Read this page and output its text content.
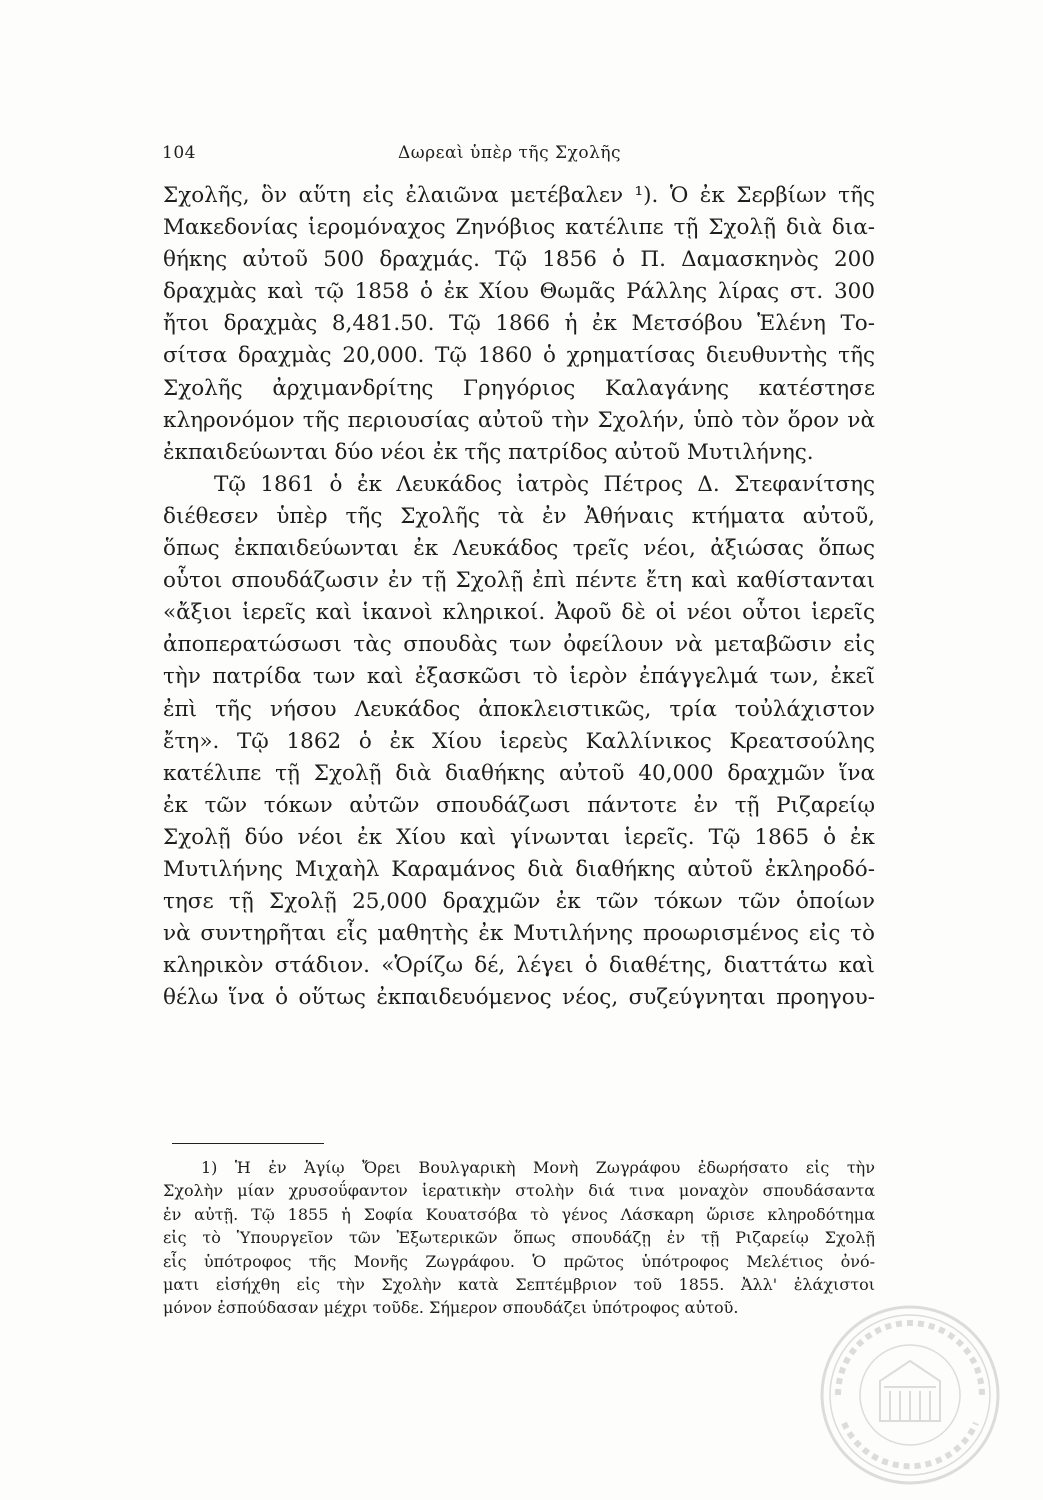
104	Δωρεαὶ ὑπὲρ τῆς Σχολῆς
Σχολῆς, ὃν αὕτη εἰς ἐλαιῶνα μετέβαλεν ¹). Ὁ ἐκ Σερβίων τῆς
Μακεδονίας ἱερομόναχος Ζηνόβιος κατέλιπε τῇ Σχολῇ διὰ δια-
θήκης αὐτοῦ 500 δραχμάς. Τῷ 1856 ὁ Π. Δαμασκηνὸς 200
δραχμὰς καὶ τῷ 1858 ὁ ἐκ Χίου Θωμᾶς Ράλλης λίρας στ. 300
ἤτοι δραχμὰς 8,481.50. Τῷ 1866 ἡ ἐκ Μετσόβου Ἑλένη Το-
σίτσα δραχμὰς 20,000. Τῷ 1860 ὁ χρηματίσας διευθυντὴς τῆς
Σχολῆς ἀρχιμανδρίτης Γρηγόριος Καλαγάνης κατέστησε
κληρονόμον τῆς περιουσίας αὐτοῦ τὴν Σχολήν, ὑπὸ τὸν ὅρον νὰ
ἐκπαιδεύωνται δύο νέοι ἐκ τῆς πατρίδος αὐτοῦ Μυτιλήνης.
Τῷ 1861 ὁ ἐκ Λευκάδος ἰατρὸς Πέτρος Δ. Στεφανίτσης
διέθεσεν ὑπὲρ τῆς Σχολῆς τὰ ἐν Ἀθήναις κτήματα αὐτοῦ,
ὅπως ἐκπαιδεύωνται ἐκ Λευκάδος τρεῖς νέοι, ἀξιώσας ὅπως
οὗτοι σπουδάζωσιν ἐν τῇ Σχολῇ ἐπὶ πέντε ἔτη καὶ καθίστανται
«ἄξιοι ἱερεῖς καὶ ἱκανοὶ κληρικοί. Ἀφοῦ δὲ οἱ νέοι οὗτοι ἱερεῖς
ἀποπερατώσωσι τὰς σπουδὰς των ὀφείλουν νὰ μεταβῶσιν εἰς
τὴν πατρίδα των καὶ ἐξασκῶσι τὸ ἱερὸν ἐπάγγελμά των, ἐκεῖ
ἐπὶ τῆς νήσου Λευκάδος ἀποκλειστικῶς, τρία τοὐλάχιστον
ἔτη». Τῷ 1862 ὁ ἐκ Χίου ἱερεὺς Καλλίνικος Κρεατσούλης
κατέλιπε τῇ Σχολῇ διὰ διαθήκης αὐτοῦ 40,000 δραχμῶν ἵνα
ἐκ τῶν τόκων αὐτῶν σπουδάζωσι πάντοτε ἐν τῇ Ριζαρείῳ
Σχολῇ δύο νέοι ἐκ Χίου καὶ γίνωνται ἱερεῖς. Τῷ 1865 ὁ ἐκ
Μυτιλήνης Μιχαὴλ Καραμάνος διὰ διαθήκης αὐτοῦ ἐκληροδό-
τησε τῇ Σχολῇ 25,000 δραχμῶν ἐκ τῶν τόκων τῶν ὁποίων
νὰ συντηρῆται εἷς μαθητὴς ἐκ Μυτιλήνης προωρισμένος εἰς τὸ
κληρικὸν στάδιον. «Ὁρίζω δέ, λέγει ὁ διαθέτης, διαττάτω καὶ
θέλω ἵνα ὁ οὕτως ἐκπαιδευόμενος νέος, συζεύγνηται προηγου-
1) Ἡ ἐν Ἁγίῳ Ὄρει Βουλγαρικὴ Μονὴ Ζωγράφου ἐδωρήσατο εἰς τὴν
Σχολὴν μίαν χρυσοΰφαντον ἱερατικὴν στολὴν διά τινα μοναχὸν σπουδάσαντα
ἐν αὐτῇ. Τῷ 1855 ἡ Σοφία Κουατσόβα τὸ γένος Λάσκαρη ὥρισε κληροδότημα
εἰς τὸ Ὑπουργεῖον τῶν Ἐξωτερικῶν ὅπως σπουδάζῃ ἐν τῇ Ριζαρείῳ Σχολῇ
εἷς ὑπότροφος τῆς Μονῆς Ζωγράφου. Ὁ πρῶτος ὑπότροφος Μελέτιος ὀνό-
ματι εἰσήχθη εἰς τὴν Σχολὴν κατὰ Σεπτέμβριον τοῦ 1855. Ἀλλ' ἐλάχιστοι
μόνον ἐσπούδασαν μέχρι τοῦδε. Σήμερον σπουδάζει ὑπότροφος αὐτοῦ.
